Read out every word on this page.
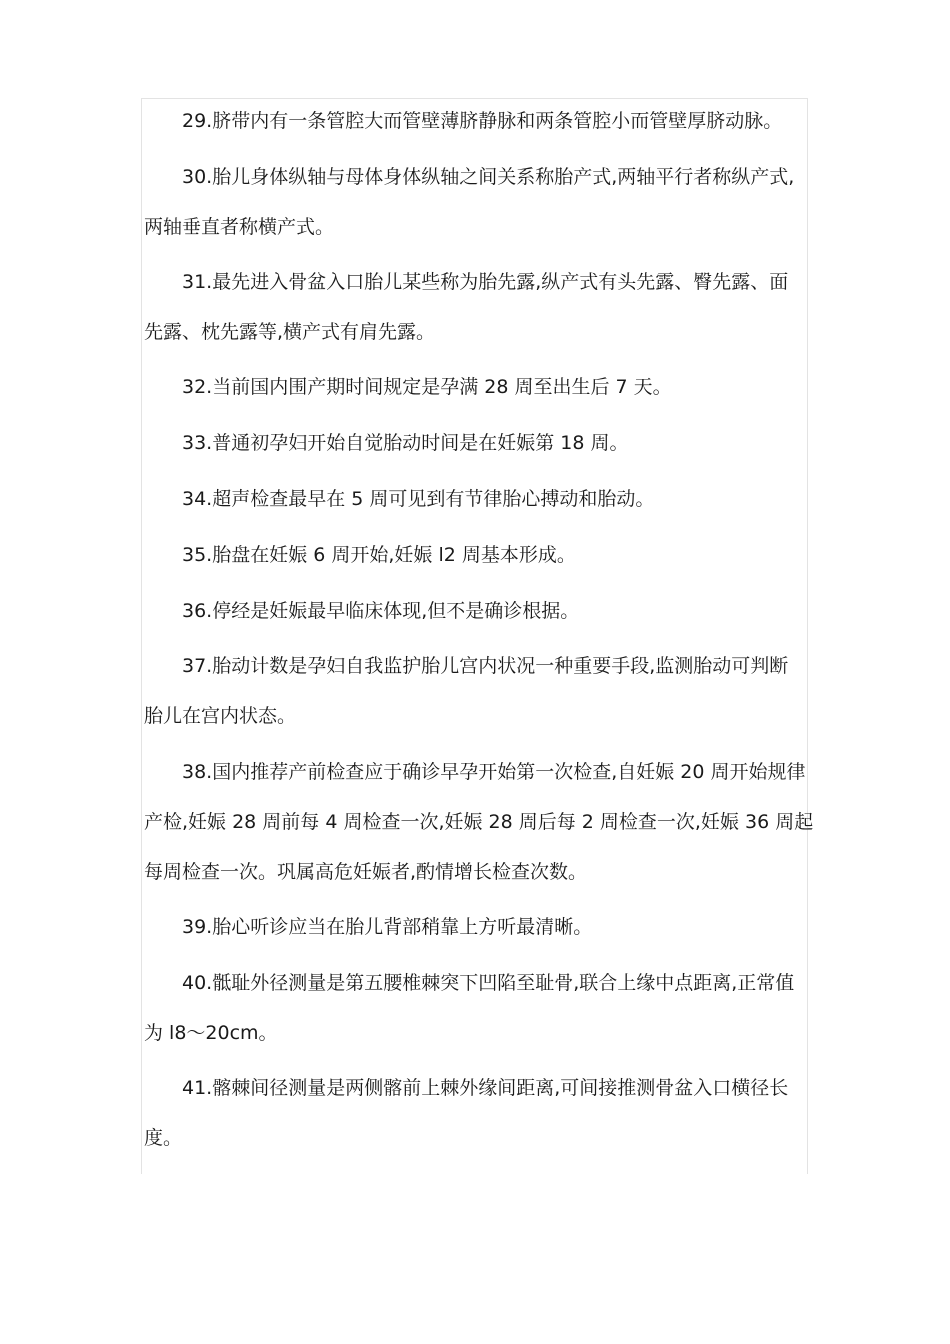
29.脐带内有一条管腔大而管壁薄脐静脉和两条管腔小而管壁厚脐动脉。

30.胎儿身体纵轴与母体身体纵轴之间关系称胎产式,两轴平行者称纵产式,
两轴垂直者称横产式。

31.最先进入骨盆入口胎儿某些称为胎先露,纵产式有头先露、臀先露、面
先露、枕先露等,横产式有肩先露。

32.当前国内围产期时间规定是孕满 28 周至出生后 7 天。

33.普通初孕妇开始自觉胎动时间是在妊娠第 18 周。

34.超声检查最早在 5 周可见到有节律胎心搏动和胎动。

35.胎盘在妊娠 6 周开始,妊娠 l2 周基本形成。

36.停经是妊娠最早临床体现,但不是确诊根据。

37.胎动计数是孕妇自我监护胎儿宫内状况一种重要手段,监测胎动可判断
胎儿在宫内状态。

38.国内推荐产前检查应于确诊早孕开始第一次检查,自妊娠 20 周开始规律
产检,妊娠 28 周前每 4 周检查一次,妊娠 28 周后每 2 周检查一次,妊娠 36 周起
每周检查一次。巩属高危妊娠者,酌情增长检查次数。

39.胎心听诊应当在胎儿背部稍靠上方听最清晰。

40.骶耻外径测量是第五腰椎棘突下凹陷至耻骨,联合上缘中点距离,正常值
为 l8～20cm。

41.髂棘间径测量是两侧髂前上棘外缘间距离,可间接推测骨盆入口横径长
度。
